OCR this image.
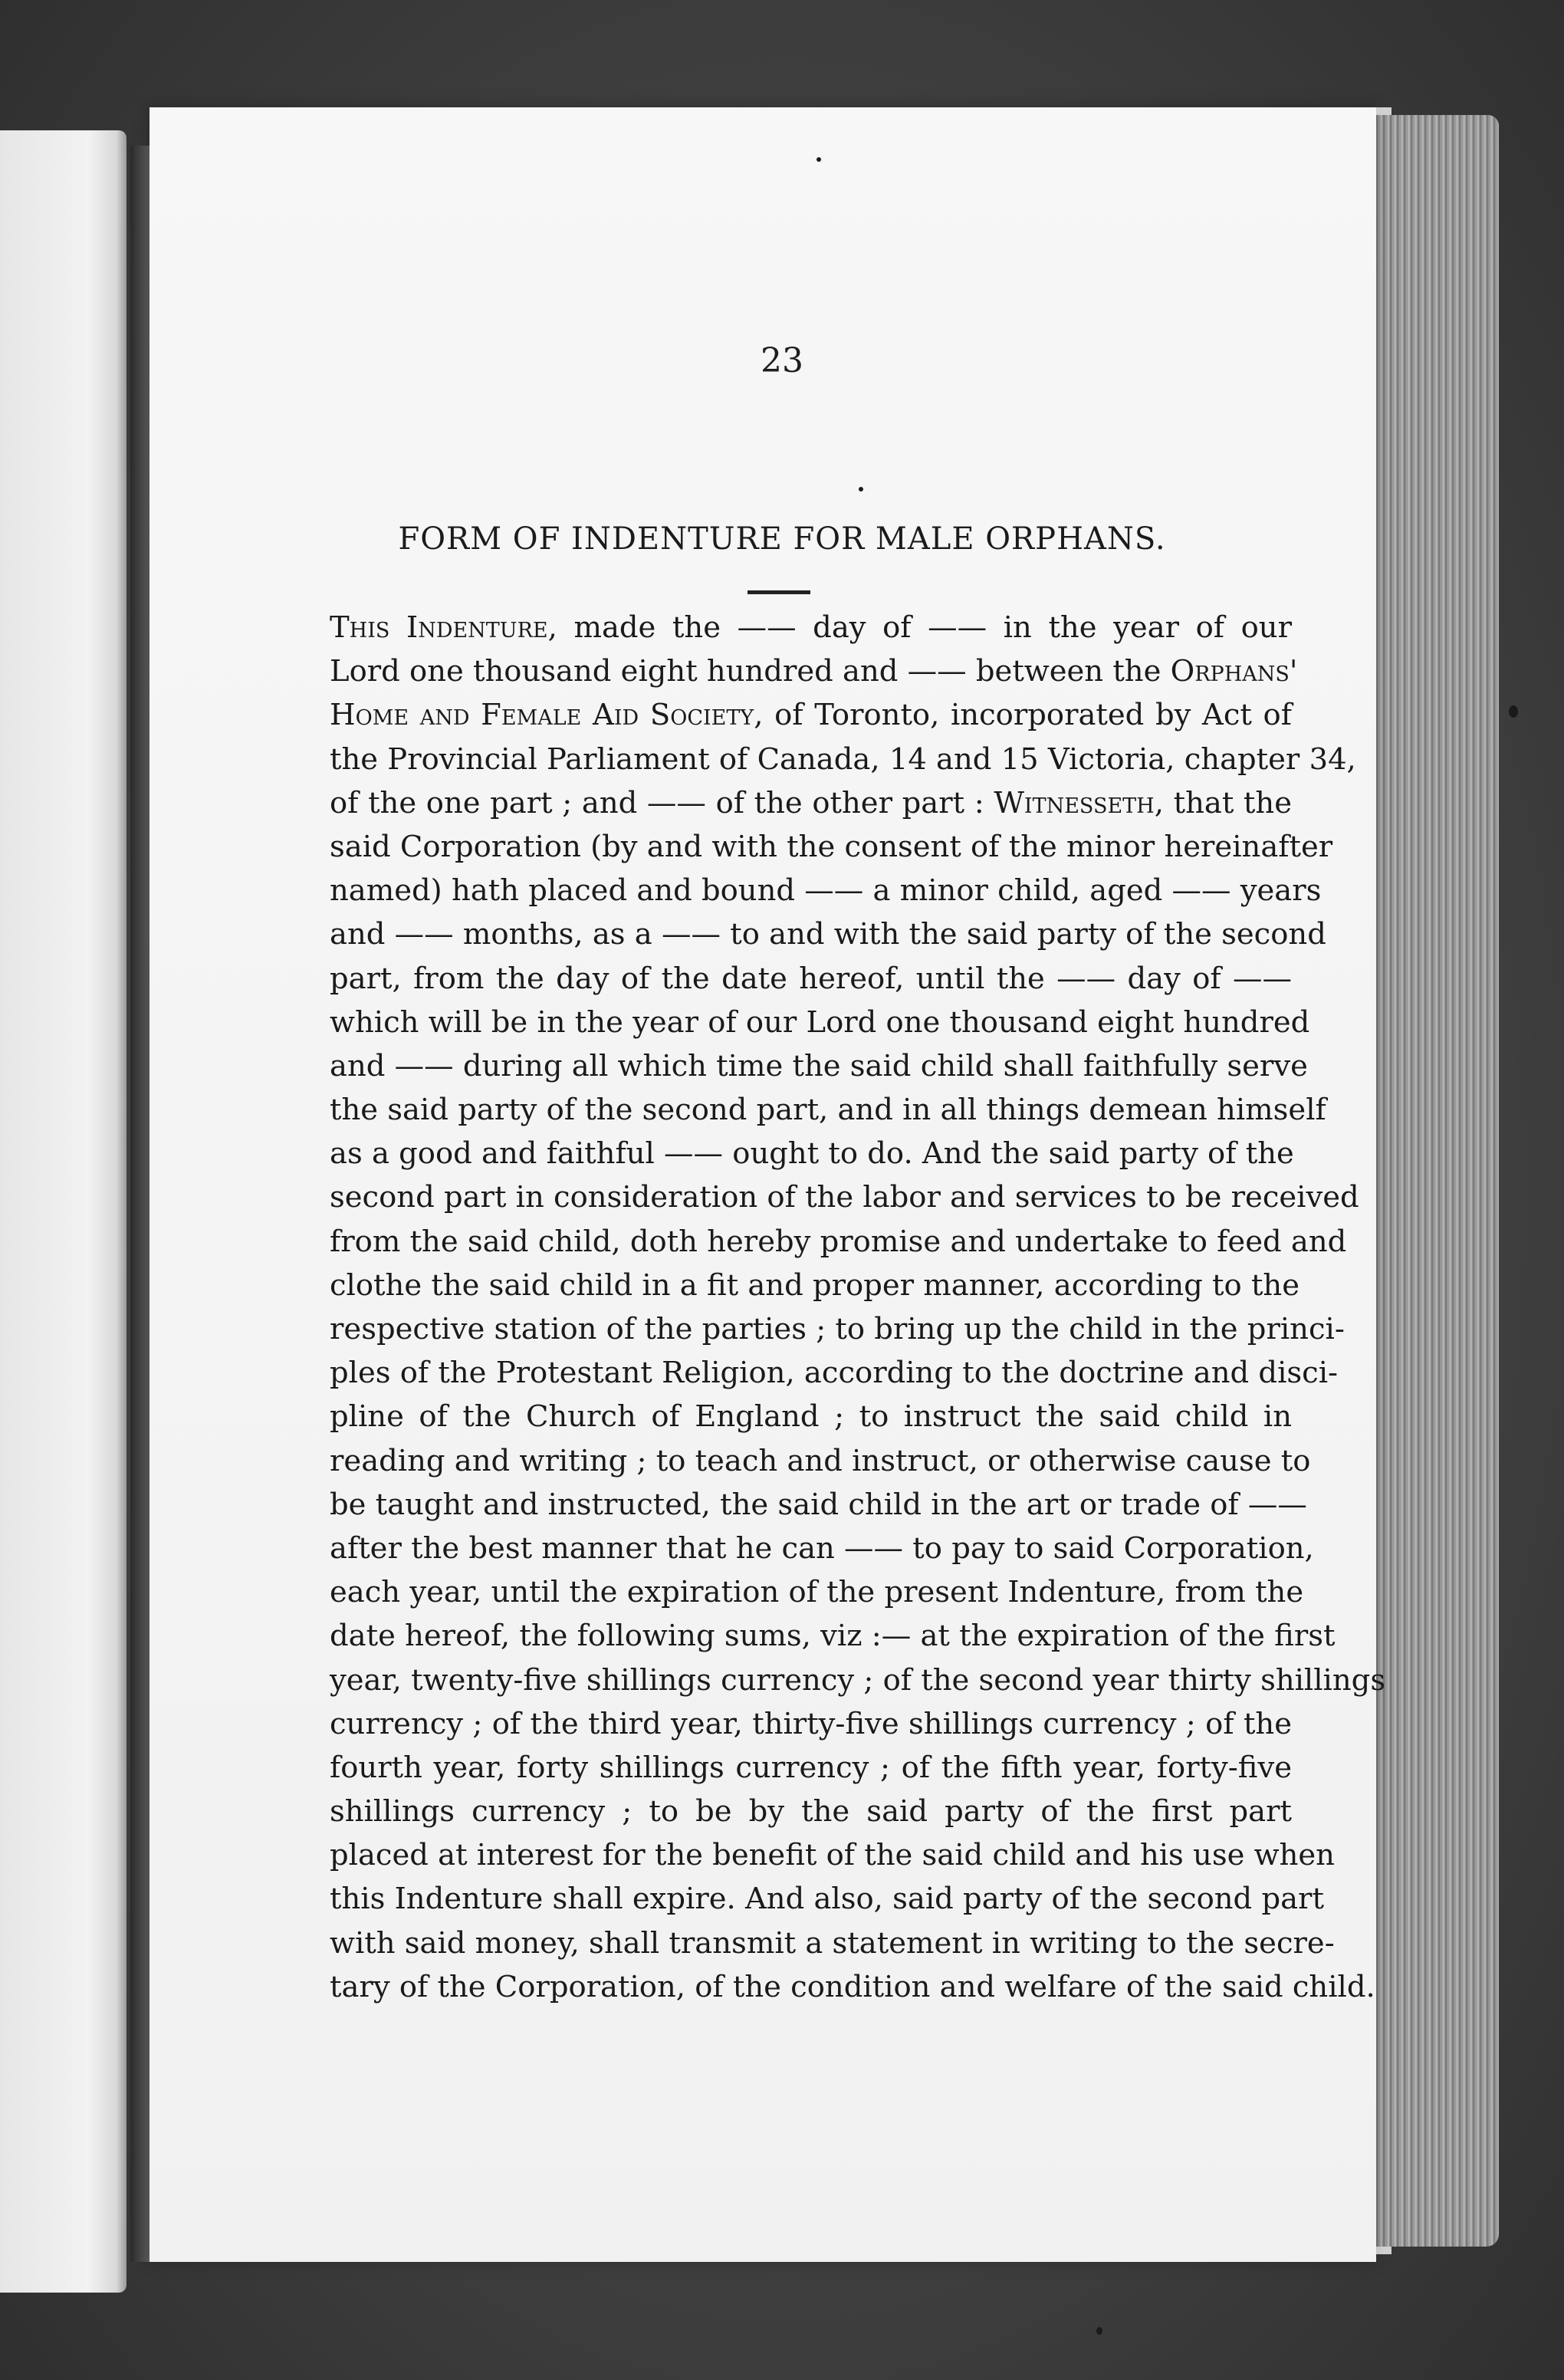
23
FORM OF INDENTURE FOR MALE ORPHANS.
This Indenture, made the —— day of —— in the year of our
Lord one thousand eight hundred and —— between the Orphans'
Home and Female Aid Society, of Toronto, incorporated by Act of
the Provincial Parliament of Canada, 14 and 15 Victoria, chapter 34,
of the one part ; and —— of the other part : Witnesseth, that the
said Corporation (by and with the consent of the minor hereinafter
named) hath placed and bound —— a minor child, aged —— years
and —— months, as a —— to and with the said party of the second
part, from the day of the date hereof, until the —— day of ——
which will be in the year of our Lord one thousand eight hundred
and —— during all which time the said child shall faithfully serve
the said party of the second part, and in all things demean himself
as a good and faithful —— ought to do. And the said party of the
second part in consideration of the labor and services to be received
from the said child, doth hereby promise and undertake to feed and
clothe the said child in a fit and proper manner, according to the
respective station of the parties ; to bring up the child in the princi-
ples of the Protestant Religion, according to the doctrine and disci-
pline of the Church of England ; to instruct the said child in
reading and writing ; to teach and instruct, or otherwise cause to
be taught and instructed, the said child in the art or trade of ——
after the best manner that he can —— to pay to said Corporation,
each year, until the expiration of the present Indenture, from the
date hereof, the following sums, viz :— at the expiration of the first
year, twenty-five shillings currency ; of the second year thirty shillings
currency ; of the third year, thirty-five shillings currency ; of the
fourth year, forty shillings currency ; of the fifth year, forty-five
shillings currency ; to be by the said party of the first part
placed at interest for the benefit of the said child and his use when
this Indenture shall expire. And also, said party of the second part
with said money, shall transmit a statement in writing to the secre-
tary of the Corporation, of the condition and welfare of the said child.
